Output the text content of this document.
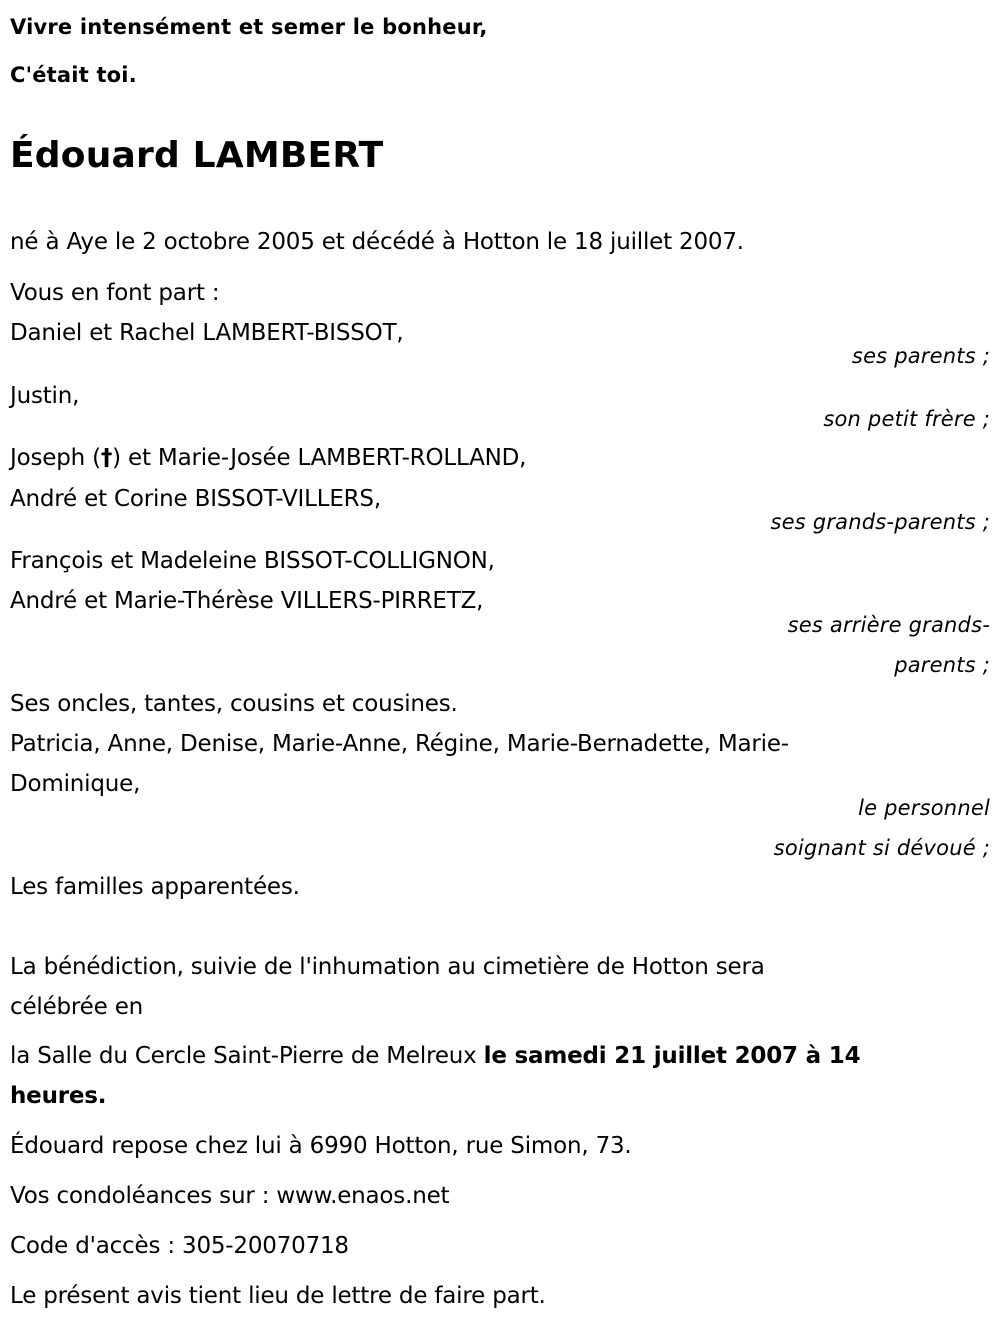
Vivre intensément et semer le bonheur,
C'était toi.
Édouard LAMBERT
né à Aye le 2 octobre 2005 et décédé à Hotton le 18 juillet 2007.
Vous en font part :
Daniel et Rachel LAMBERT-BISSOT,
ses parents ;
Justin,
son petit frère ;
Joseph (†) et Marie-Josée LAMBERT-ROLLAND,
André et Corine BISSOT-VILLERS,
ses grands-parents ;
François et Madeleine BISSOT-COLLIGNON,
André et Marie-Thérèse VILLERS-PIRRETZ,
ses arrière grands-
parents ;
Ses oncles, tantes, cousins et cousines.
Patricia, Anne, Denise, Marie-Anne, Régine, Marie-Bernadette, Marie-
Dominique,
le personnel
soignant si dévoué ;
Les familles apparentées.
La bénédiction, suivie de l'inhumation au cimetière de Hotton sera
célébrée en
la Salle du Cercle Saint-Pierre de Melreux le samedi 21 juillet 2007 à 14
heures.
Édouard repose chez lui à 6990 Hotton, rue Simon, 73.
Vos condoléances sur : www.enaos.net
Code d'accès : 305-20070718
Le présent avis tient lieu de lettre de faire part.
